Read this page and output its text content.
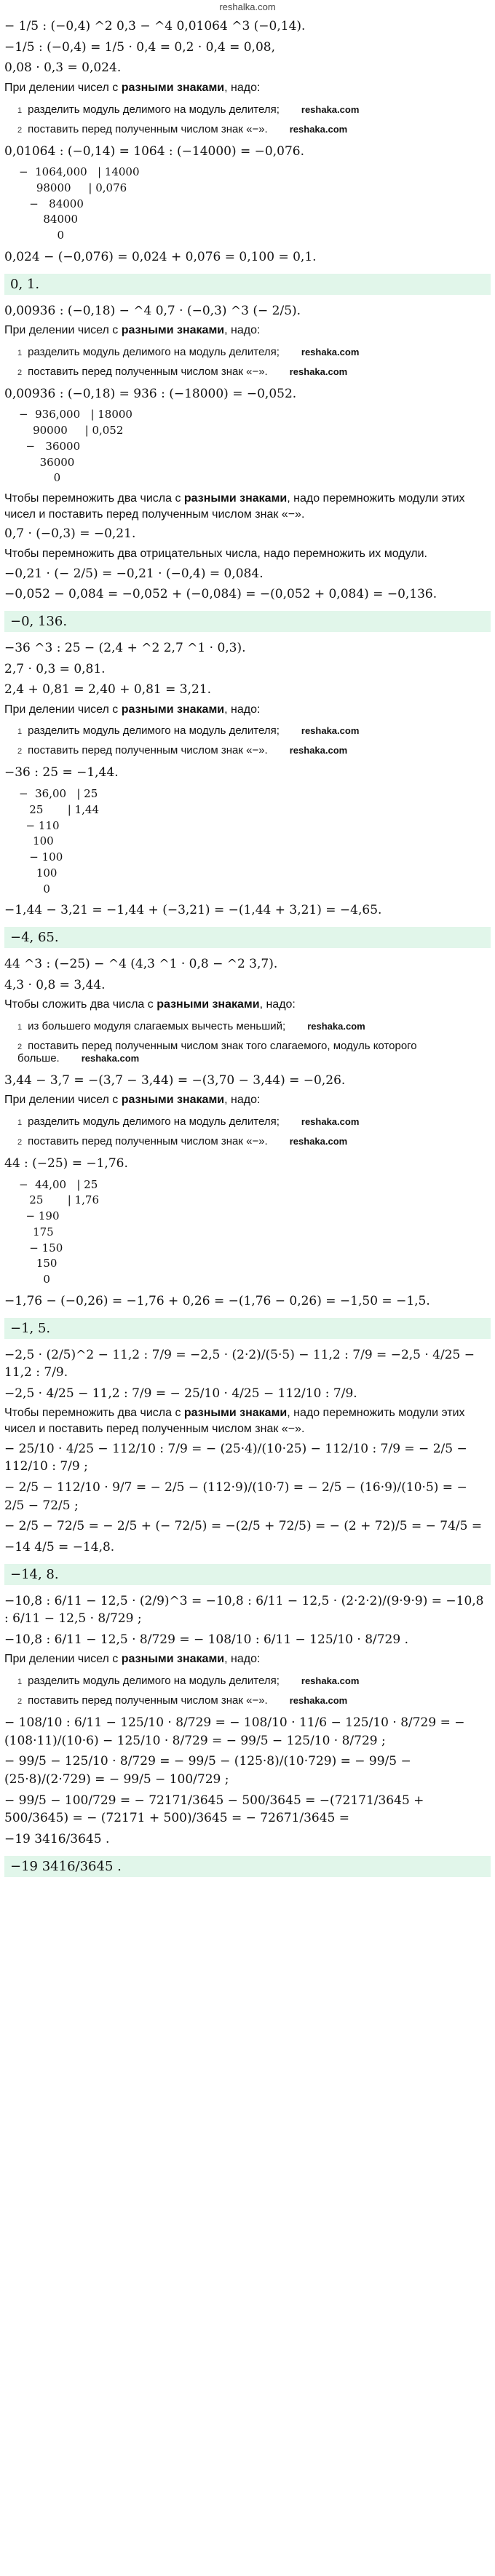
reshalka.com
− 1/5 : (−0,4) ^2 0,3 − ^4 0,01064 ^3 (−0,14).
−1/5 : (−0,4) = 1/5 · 0,4 = 0,2 · 0,4 = 0,08,
0,08 · 0,3 = 0,024.
При делении чисел с разными знаками, надо:
1 разделить модуль делимого на модуль делителя; reshaka.com
2 поставить перед полученным числом знак «−». reshaka.com
0,01064 : (−0,14) = 1064 : (−14000) = −0,076.
−  1064,000   | 14000
98000     | 0,076
−   84000
84000
0
0,024 − (−0,076) = 0,024 + 0,076 = 0,100 = 0,1.
0, 1.
0,00936 : (−0,18) − ^4 0,7 · (−0,3) ^3 (− 2/5).
При делении чисел с разными знаками, надо:
1 разделить модуль делимого на модуль делителя; reshaka.com
2 поставить перед полученным числом знак «−». reshaka.com
0,00936 : (−0,18) = 936 : (−18000) = −0,052.
−  936,000   | 18000
90000     | 0,052
−   36000
36000
0
Чтобы перемножить два числа с разными знаками, надо перемножить модули этих чисел и поставить перед полученным числом знак «−».
0,7 · (−0,3) = −0,21.
Чтобы перемножить два отрицательных числа, надо перемножить их модули.
−0,21 · (− 2/5) = −0,21 · (−0,4) = 0,084.
−0,052 − 0,084 = −0,052 + (−0,084) = −(0,052 + 0,084) = −0,136.
−0, 136.
−36 ^3 : 25 − (2,4 + ^2 2,7 ^1 · 0,3).
2,7 · 0,3 = 0,81.
2,4 + 0,81 = 2,40 + 0,81 = 3,21.
При делении чисел с разными знаками, надо:
1 разделить модуль делимого на модуль делителя; reshaka.com
2 поставить перед полученным числом знак «−». reshaka.com
−36 : 25 = −1,44.
−  36,00   | 25
25       | 1,44
− 110
100
− 100
100
0
−1,44 − 3,21 = −1,44 + (−3,21) = −(1,44 + 3,21) = −4,65.
−4, 65.
44 ^3 : (−25) − ^4 (4,3 ^1 · 0,8 − ^2 3,7).
4,3 · 0,8 = 3,44.
Чтобы сложить два числа с разными знаками, надо:
1 из большего модуля слагаемых вычесть меньший; reshaka.com
2 поставить перед полученным числом знак того слагаемого, модуль которого больше. reshaka.com
3,44 − 3,7 = −(3,7 − 3,44) = −(3,70 − 3,44) = −0,26.
При делении чисел с разными знаками, надо:
1 разделить модуль делимого на модуль делителя; reshaka.com
2 поставить перед полученным числом знак «−». reshaka.com
44 : (−25) = −1,76.
−  44,00   | 25
25       | 1,76
− 190
175
− 150
150
0
−1,76 − (−0,26) = −1,76 + 0,26 = −(1,76 − 0,26) = −1,50 = −1,5.
−1, 5.
−2,5 · (2/5)^2 − 11,2 : 7/9 = −2,5 · (2·2)/(5·5) − 11,2 : 7/9 = −2,5 · 4/25 − 11,2 : 7/9.
−2,5 · 4/25 − 11,2 : 7/9 = − 25/10 · 4/25 − 112/10 : 7/9.
Чтобы перемножить два числа с разными знаками, надо перемножить модули этих чисел и поставить перед полученным числом знак «−».
− 25/10 · 4/25 − 112/10 : 7/9 = − (25·4)/(10·25) − 112/10 : 7/9 = − 2/5 − 112/10 : 7/9 ;
− 2/5 − 112/10 · 9/7 = − 2/5 − (112·9)/(10·7) = − 2/5 − (16·9)/(10·5) = − 2/5 − 72/5 ;
− 2/5 − 72/5 = − 2/5 + (− 72/5) = −(2/5 + 72/5) = − (2 + 72)/5 = − 74/5 =
−14 4/5 = −14,8.
−14, 8.
−10,8 : 6/11 − 12,5 · (2/9)^3 = −10,8 : 6/11 − 12,5 · (2·2·2)/(9·9·9) = −10,8 : 6/11 − 12,5 · 8/729 ;
−10,8 : 6/11 − 12,5 · 8/729 = − 108/10 : 6/11 − 125/10 · 8/729 .
При делении чисел с разными знаками, надо:
1 разделить модуль делимого на модуль делителя; reshaka.com
2 поставить перед полученным числом знак «−». reshaka.com
− 108/10 : 6/11 − 125/10 · 8/729 = − 108/10 · 11/6 − 125/10 · 8/729 = − (108·11)/(10·6) − 125/10 · 8/729 = − 99/5 − 125/10 · 8/729 ;
− 99/5 − 125/10 · 8/729 = − 99/5 − (125·8)/(10·729) = − 99/5 − (25·8)/(2·729) = − 99/5 − 100/729 ;
− 99/5 − 100/729 = − 72171/3645 − 500/3645 = −(72171/3645 + 500/3645) = − (72171 + 500)/3645 = − 72671/3645 =
−19 3416/3645 .
−19 3416/3645 .
